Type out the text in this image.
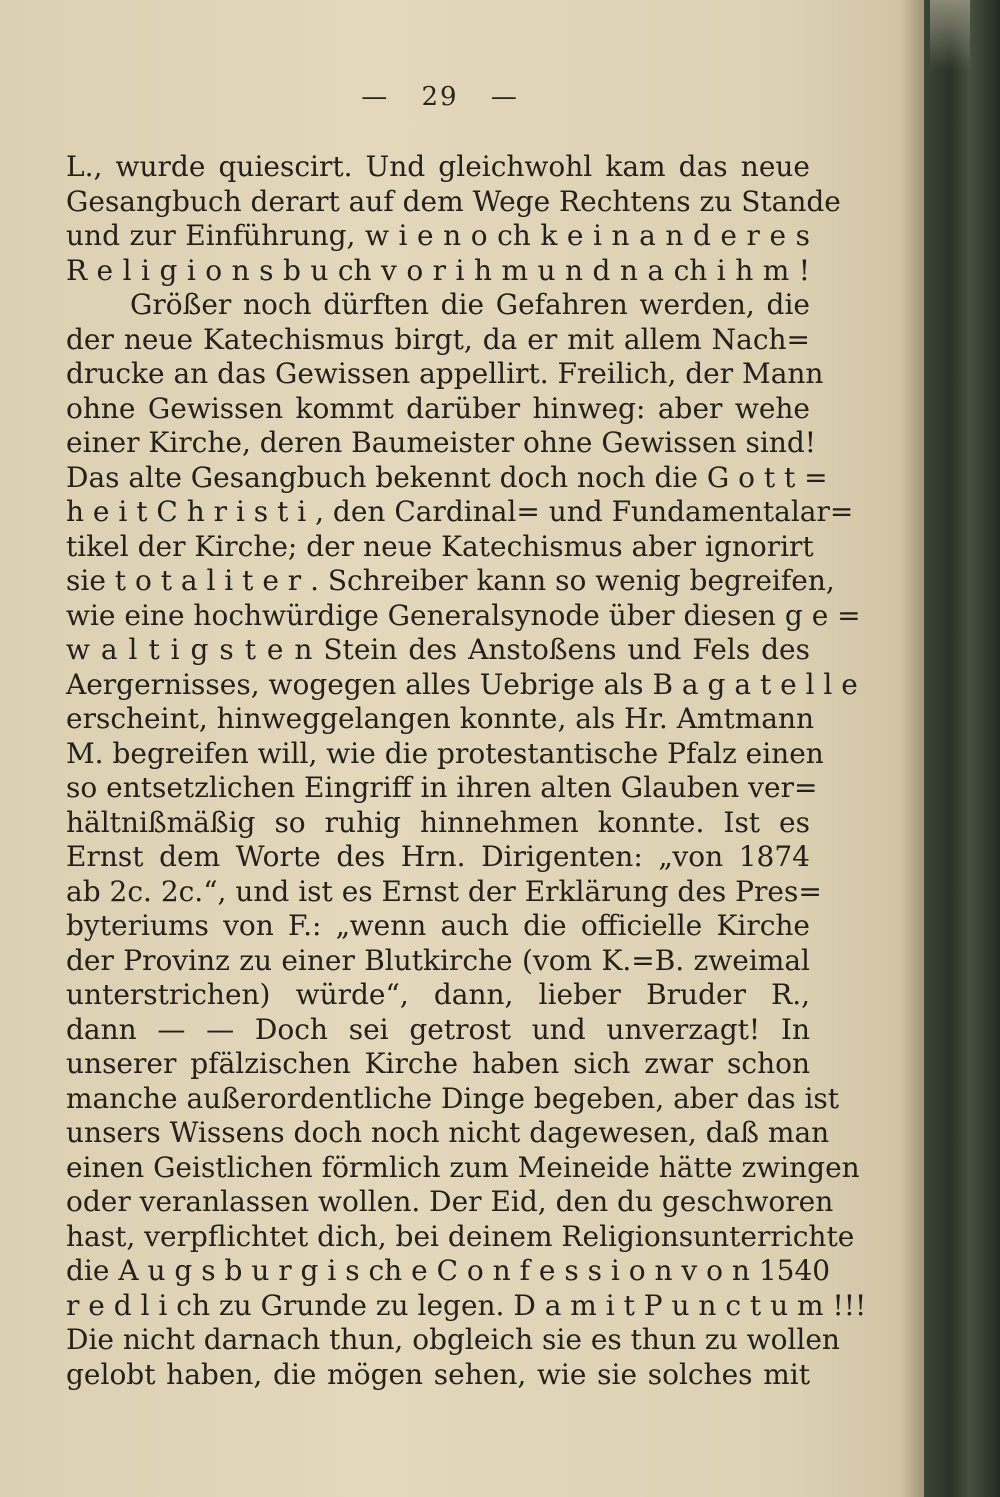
— 29 —
L., wurde quiescirt. Und gleichwohl kam das neue
Gesangbuch derart auf dem Wege Rechtens zu Stande
und zur Einführung, w i e n o ch k e i n a n d e r e s
R e l i g i o n s b u ch v o r i h m u n d n a ch i h m !
Größer noch dürften die Gefahren werden, die
der neue Katechismus birgt, da er mit allem Nach=
drucke an das Gewissen appellirt. Freilich, der Mann
ohne Gewissen kommt darüber hinweg: aber wehe
einer Kirche, deren Baumeister ohne Gewissen sind!
Das alte Gesangbuch bekennt doch noch die G o t t =
h e i t C h r i s t i , den Cardinal= und Fundamentalar=
tikel der Kirche; der neue Katechismus aber ignorirt
sie t o t a l i t e r . Schreiber kann so wenig begreifen,
wie eine hochwürdige Generalsynode über diesen g e =
w a l t i g s t e n Stein des Anstoßens und Fels des
Aergernisses, wogegen alles Uebrige als B a g a t e l l e
erscheint, hinweggelangen konnte, als Hr. Amtmann
M. begreifen will, wie die protestantische Pfalz einen
so entsetzlichen Eingriff in ihren alten Glauben ver=
hältnißmäßig so ruhig hinnehmen konnte. Ist es
Ernst dem Worte des Hrn. Dirigenten: „von 1874
ab 2c. 2c.“, und ist es Ernst der Erklärung des Pres=
byteriums von F.: „wenn auch die officielle Kirche
der Provinz zu einer Blutkirche (vom K.=B. zweimal
unterstrichen) würde“, dann, lieber Bruder R.,
dann — — Doch sei getrost und unverzagt! In
unserer pfälzischen Kirche haben sich zwar schon
manche außerordentliche Dinge begeben, aber das ist
unsers Wissens doch noch nicht dagewesen, daß man
einen Geistlichen förmlich zum Meineide hätte zwingen
oder veranlassen wollen. Der Eid, den du geschworen
hast, verpflichtet dich, bei deinem Religionsunterrichte
die A u g s b u r g i s ch e C o n f e s s i o n v o n 1540
r e d l i ch zu Grunde zu legen. D a m i t P u n c t u m !!!
Die nicht darnach thun, obgleich sie es thun zu wollen
gelobt haben, die mögen sehen, wie sie solches mit
